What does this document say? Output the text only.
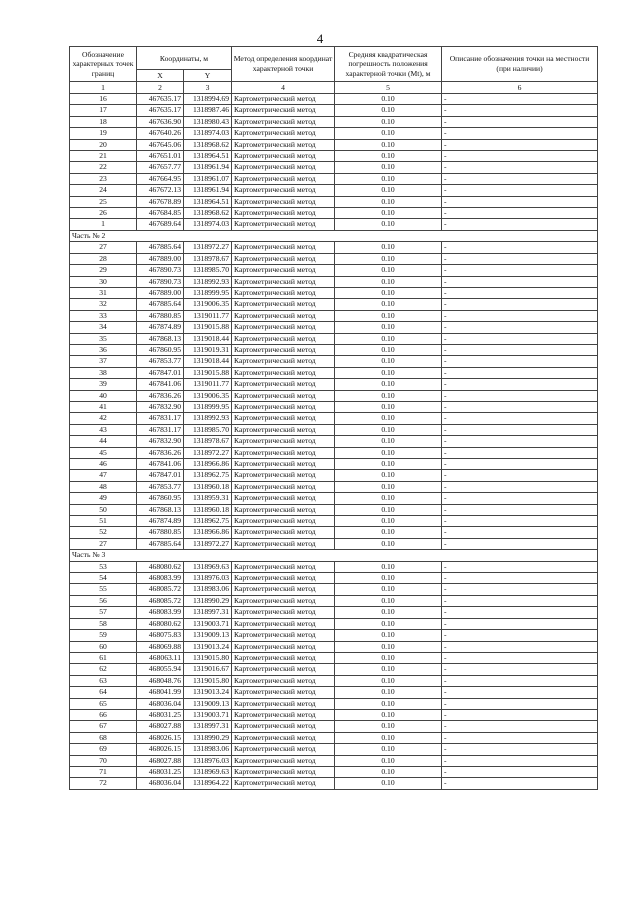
4
Обозначение характерных точек границ	Координаты, м		Метод определения координат характерной точки	Средняя квадратическая погрешность положения характерной точки (Mt), м	Описание обозначения точки на местности (при наличии)
	X	Y			
1	2	3	4	5	6
16	467635.17	1318994.69	Картометрический метод	0.10	-
17	467635.17	1318987.46	Картометрический метод	0.10	-
18	467636.90	1318980.43	Картометрический метод	0.10	-
19	467640.26	1318974.03	Картометрический метод	0.10	-
20	467645.06	1318968.62	Картометрический метод	0.10	-
21	467651.01	1318964.51	Картометрический метод	0.10	-
22	467657.77	1318961.94	Картометрический метод	0.10	-
23	467664.95	1318961.07	Картометрический метод	0.10	-
24	467672.13	1318961.94	Картометрический метод	0.10	-
25	467678.89	1318964.51	Картометрический метод	0.10	-
26	467684.85	1318968.62	Картометрический метод	0.10	-
1	467689.64	1318974.03	Картометрический метод	0.10	-
Часть № 2					
27	467885.64	1318972.27	Картометрический метод	0.10	-
28	467889.00	1318978.67	Картометрический метод	0.10	-
29	467890.73	1318985.70	Картометрический метод	0.10	-
30	467890.73	1318992.93	Картометрический метод	0.10	-
31	467889.00	1318999.95	Картометрический метод	0.10	-
32	467885.64	1319006.35	Картометрический метод	0.10	-
33	467880.85	1319011.77	Картометрический метод	0.10	-
34	467874.89	1319015.88	Картометрический метод	0.10	-
35	467868.13	1319018.44	Картометрический метод	0.10	-
36	467860.95	1319019.31	Картометрический метод	0.10	-
37	467853.77	1319018.44	Картометрический метод	0.10	-
38	467847.01	1319015.88	Картометрический метод	0.10	-
39	467841.06	1319011.77	Картометрический метод	0.10	-
40	467836.26	1319006.35	Картометрический метод	0.10	-
41	467832.90	1318999.95	Картометрический метод	0.10	-
42	467831.17	1318992.93	Картометрический метод	0.10	-
43	467831.17	1318985.70	Картометрический метод	0.10	-
44	467832.90	1318978.67	Картометрический метод	0.10	-
45	467836.26	1318972.27	Картометрический метод	0.10	-
46	467841.06	1318966.86	Картометрический метод	0.10	-
47	467847.01	1318962.75	Картометрический метод	0.10	-
48	467853.77	1318960.18	Картометрический метод	0.10	-
49	467860.95	1318959.31	Картометрический метод	0.10	-
50	467868.13	1318960.18	Картометрический метод	0.10	-
51	467874.89	1318962.75	Картометрический метод	0.10	-
52	467880.85	1318966.86	Картометрический метод	0.10	-
27	467885.64	1318972.27	Картометрический метод	0.10	-
Часть № 3					
53	468080.62	1318969.63	Картометрический метод	0.10	-
54	468083.99	1318976.03	Картометрический метод	0.10	-
55	468085.72	1318983.06	Картометрический метод	0.10	-
56	468085.72	1318990.29	Картометрический метод	0.10	-
57	468083.99	1318997.31	Картометрический метод	0.10	-
58	468080.62	1319003.71	Картометрический метод	0.10	-
59	468075.83	1319009.13	Картометрический метод	0.10	-
60	468069.88	1319013.24	Картометрический метод	0.10	-
61	468063.11	1319015.80	Картометрический метод	0.10	-
62	468055.94	1319016.67	Картометрический метод	0.10	-
63	468048.76	1319015.80	Картометрический метод	0.10	-
64	468041.99	1319013.24	Картометрический метод	0.10	-
65	468036.04	1319009.13	Картометрический метод	0.10	-
66	468031.25	1319003.71	Картометрический метод	0.10	-
67	468027.88	1318997.31	Картометрический метод	0.10	-
68	468026.15	1318990.29	Картометрический метод	0.10	-
69	468026.15	1318983.06	Картометрический метод	0.10	-
70	468027.88	1318976.03	Картометрический метод	0.10	-
71	468031.25	1318969.63	Картометрический метод	0.10	-
72	468036.04	1318964.22	Картометрический метод	0.10	-
